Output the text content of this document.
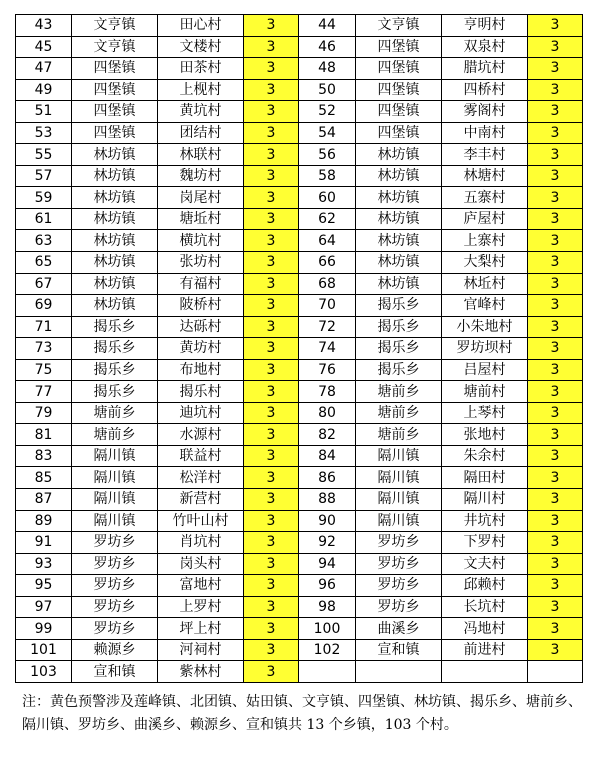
43	文亨镇	田心村	3	44	文亨镇	亨明村	3
45	文亨镇	文楼村	3	46	四堡镇	双泉村	3
47	四堡镇	田茶村	3	48	四堡镇	腊坑村	3
49	四堡镇	上枧村	3	50	四堡镇	四桥村	3
51	四堡镇	黄坑村	3	52	四堡镇	雾阁村	3
53	四堡镇	团结村	3	54	四堡镇	中南村	3
55	林坊镇	林联村	3	56	林坊镇	李丰村	3
57	林坊镇	魏坊村	3	58	林坊镇	林塘村	3
59	林坊镇	岗尾村	3	60	林坊镇	五寨村	3
61	林坊镇	塘坵村	3	62	林坊镇	庐屋村	3
63	林坊镇	横坑村	3	64	林坊镇	上寨村	3
65	林坊镇	张坊村	3	66	林坊镇	大梨村	3
67	林坊镇	有福村	3	68	林坊镇	林坵村	3
69	林坊镇	陂桥村	3	70	揭乐乡	官峰村	3
71	揭乐乡	达砾村	3	72	揭乐乡	小朱地村	3
73	揭乐乡	黄坊村	3	74	揭乐乡	罗坊坝村	3
75	揭乐乡	布地村	3	76	揭乐乡	吕屋村	3
77	揭乐乡	揭乐村	3	78	塘前乡	塘前村	3
79	塘前乡	迪坑村	3	80	塘前乡	上琴村	3
81	塘前乡	水源村	3	82	塘前乡	张地村	3
83	隔川镇	联益村	3	84	隔川镇	朱余村	3
85	隔川镇	松洋村	3	86	隔川镇	隔田村	3
87	隔川镇	新营村	3	88	隔川镇	隔川村	3
89	隔川镇	竹叶山村	3	90	隔川镇	井坑村	3
91	罗坊乡	肖坑村	3	92	罗坊乡	下罗村	3
93	罗坊乡	岗头村	3	94	罗坊乡	文夫村	3
95	罗坊乡	富地村	3	96	罗坊乡	邱赖村	3
97	罗坊乡	上罗村	3	98	罗坊乡	长坑村	3
99	罗坊乡	坪上村	3	100	曲溪乡	冯地村	3
101	赖源乡	河祠村	3	102	宣和镇	前进村	3
103	宣和镇	紫林村	3				

注：黄色预警涉及莲峰镇、北团镇、姑田镇、文亨镇、四堡镇、林坊镇、揭乐乡、塘前乡、隔川镇、罗坊乡、曲溪乡、赖源乡、宣和镇共 13 个乡镇，103 个村。
